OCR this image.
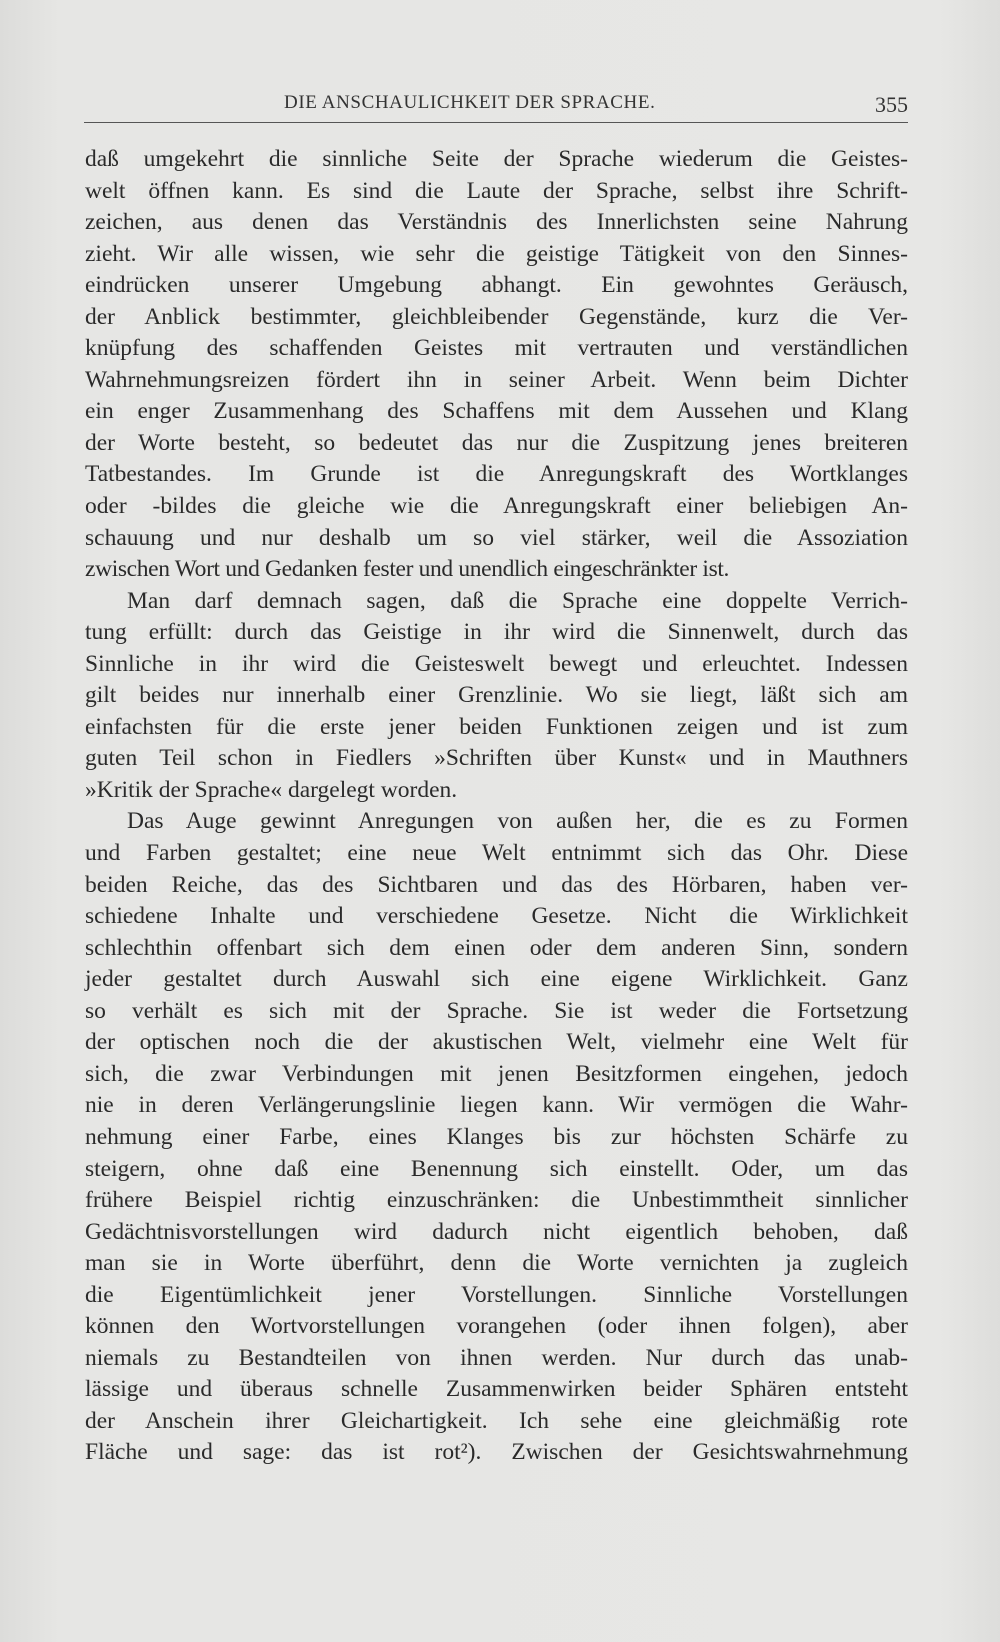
DIE ANSCHAULICHKEIT DER SPRACHE.	355
daß umgekehrt die sinnliche Seite der Sprache wiederum die Geistes-
welt öffnen kann. Es sind die Laute der Sprache, selbst ihre Schrift-
zeichen, aus denen das Verständnis des Innerlichsten seine Nahrung
zieht. Wir alle wissen, wie sehr die geistige Tätigkeit von den Sinnes-
eindrücken unserer Umgebung abhangt. Ein gewohntes Geräusch,
der Anblick bestimmter, gleichbleibender Gegenstände, kurz die Ver-
knüpfung des schaffenden Geistes mit vertrauten und verständlichen
Wahrnehmungsreizen fördert ihn in seiner Arbeit. Wenn beim Dichter
ein enger Zusammenhang des Schaffens mit dem Aussehen und Klang
der Worte besteht, so bedeutet das nur die Zuspitzung jenes breiteren
Tatbestandes. Im Grunde ist die Anregungskraft des Wortklanges
oder -bildes die gleiche wie die Anregungskraft einer beliebigen An-
schauung und nur deshalb um so viel stärker, weil die Assoziation
zwischen Wort und Gedanken fester und unendlich eingeschränkter ist.
Man darf demnach sagen, daß die Sprache eine doppelte Verrich-
tung erfüllt: durch das Geistige in ihr wird die Sinnenwelt, durch das
Sinnliche in ihr wird die Geisteswelt bewegt und erleuchtet. Indessen
gilt beides nur innerhalb einer Grenzlinie. Wo sie liegt, läßt sich am
einfachsten für die erste jener beiden Funktionen zeigen und ist zum
guten Teil schon in Fiedlers »Schriften über Kunst« und in Mauthners
»Kritik der Sprache« dargelegt worden.
Das Auge gewinnt Anregungen von außen her, die es zu Formen
und Farben gestaltet; eine neue Welt entnimmt sich das Ohr. Diese
beiden Reiche, das des Sichtbaren und das des Hörbaren, haben ver-
schiedene Inhalte und verschiedene Gesetze. Nicht die Wirklichkeit
schlechthin offenbart sich dem einen oder dem anderen Sinn, sondern
jeder gestaltet durch Auswahl sich eine eigene Wirklichkeit. Ganz
so verhält es sich mit der Sprache. Sie ist weder die Fortsetzung
der optischen noch die der akustischen Welt, vielmehr eine Welt für
sich, die zwar Verbindungen mit jenen Besitzformen eingehen, jedoch
nie in deren Verlängerungslinie liegen kann. Wir vermögen die Wahr-
nehmung einer Farbe, eines Klanges bis zur höchsten Schärfe zu
steigern, ohne daß eine Benennung sich einstellt. Oder, um das
frühere Beispiel richtig einzuschränken: die Unbestimmtheit sinnlicher
Gedächtnisvorstellungen wird dadurch nicht eigentlich behoben, daß
man sie in Worte überführt, denn die Worte vernichten ja zugleich
die Eigentümlichkeit jener Vorstellungen. Sinnliche Vorstellungen
können den Wortvorstellungen vorangehen (oder ihnen folgen), aber
niemals zu Bestandteilen von ihnen werden. Nur durch das unab-
lässige und überaus schnelle Zusammenwirken beider Sphären entsteht
der Anschein ihrer Gleichartigkeit. Ich sehe eine gleichmäßig rote
Fläche und sage: das ist rot²). Zwischen der Gesichtswahrnehmung
